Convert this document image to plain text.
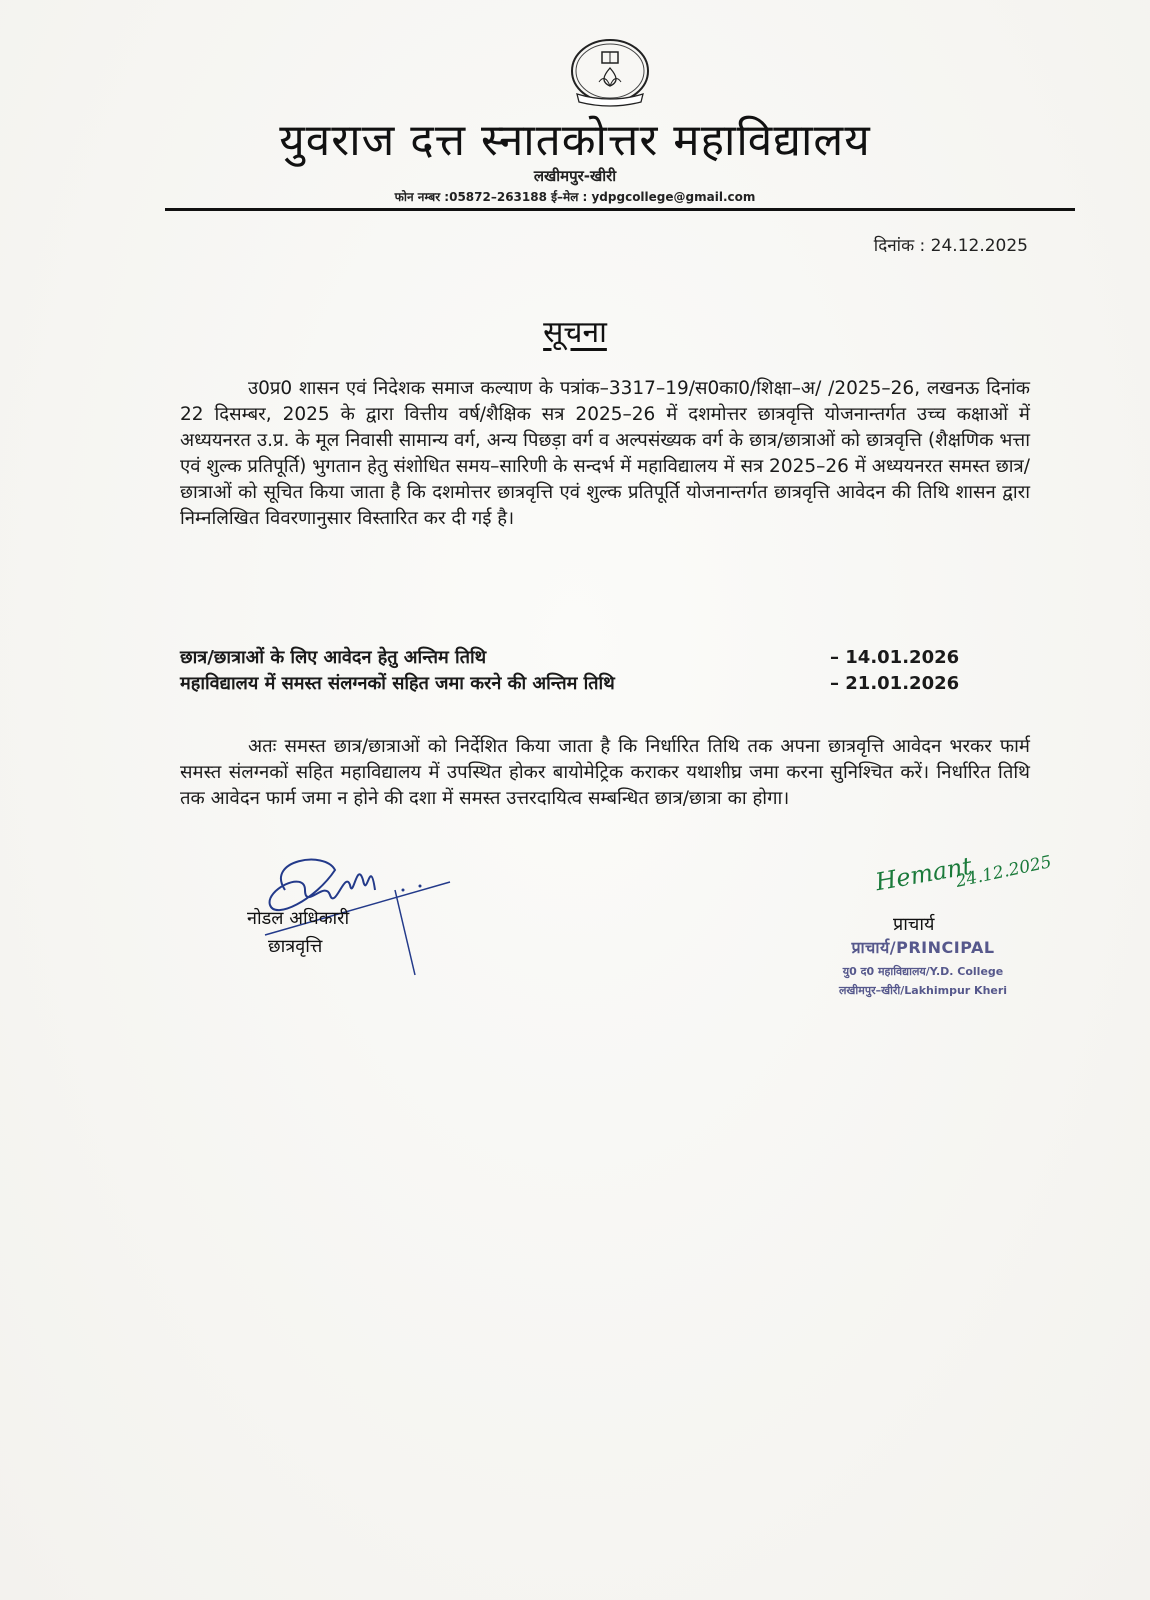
युवराज दत्त स्नातकोत्तर महाविद्यालय
लखीमपुर-खीरी
फोन नम्बर :05872–263188 ई–मेल : ydpgcollege@gmail.com
दिनांक : 24.12.2025
सूचना

उ0प्र0 शासन एवं निदेशक समाज कल्याण के पत्रांक–3317–19/स0का0/शिक्षा–अ/ /2025–26, लखनऊ दिनांक 22 दिसम्बर, 2025 के द्वारा वित्तीय वर्ष/शैक्षिक सत्र 2025–26 में दशमोत्तर छात्रवृत्ति योजनान्तर्गत उच्च कक्षाओं में अध्ययनरत उ.प्र. के मूल निवासी सामान्य वर्ग, अन्य पिछड़ा वर्ग व अल्पसंख्यक वर्ग के छात्र/छात्राओं को छात्रवृत्ति (शैक्षणिक भत्ता एवं शुल्क प्रतिपूर्ति) भुगतान हेतु संशोधित समय–सारिणी के सन्दर्भ में महाविद्यालय में सत्र 2025–26 में अध्ययनरत समस्त छात्र/छात्राओं को सूचित किया जाता है कि दशमोत्तर छात्रवृत्ति एवं शुल्क प्रतिपूर्ति योजनान्तर्गत छात्रवृत्ति आवेदन की तिथि शासन द्वारा निम्नलिखित विवरणानुसार विस्तारित कर दी गई है।

छात्र/छात्राओं के लिए आवेदन हेतु अन्तिम तिथि	– 14.01.2026
महाविद्यालय में समस्त संलग्नकों सहित जमा करने की अन्तिम तिथि	– 21.01.2026

अतः समस्त छात्र/छात्राओं को निर्देशित किया जाता है कि निर्धारित तिथि तक अपना छात्रवृत्ति आवेदन भरकर फार्म समस्त संलग्नकों सहित महाविद्यालय में उपस्थित होकर बायोमेट्रिक कराकर यथाशीघ्र जमा करना सुनिश्चित करें। निर्धारित तिथि तक आवेदन फार्म जमा न होने की दशा में समस्त उत्तरदायित्व सम्बन्धित छात्र/छात्रा का होगा।

नोडल अधिकारी
छात्रवृत्ति
Hemant
24.12.2025
प्राचार्य
प्राचार्य/PRINCIPAL
यु0 द0 महाविद्यालय/Y.D. College
लखीमपुर–खीरी/Lakhimpur Kheri
